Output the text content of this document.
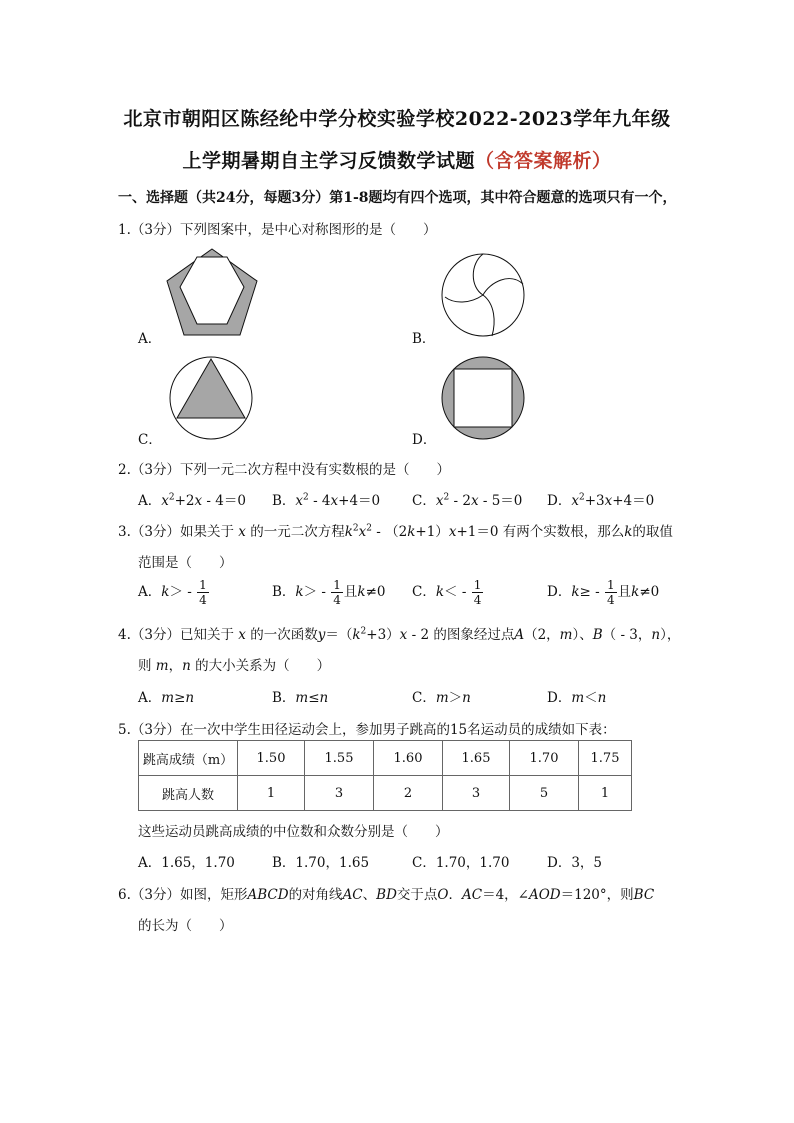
北京市朝阳区陈经纶中学分校实验学校2022-2023学年九年级
上学期暑期自主学习反馈数学试题（含答案解析）
一、选择题（共24分，每题3分）第1-8题均有四个选项，其中符合题意的选项只有一个，
1.（3分）下列图案中，是中心对称图形的是（　　）
A．	B．
C．	D．
2.（3分）下列一元二次方程中没有实数根的是（　　）
A．$x^2+2x - 4=0$ B．$x^2 - 4x+4=0$ C．$x^2 - 2x - 5=0$ D．$x^2+3x+4=0$
3.（3分）如果关于 x 的一元二次方程$k^2x^2 - (2k+1)x+1=0$ 有两个实数根，那么k的取值
范围是（　　）
A．$k> - \frac{1}{4}$	B．$k> - \frac{1}{4}$ 且k≠0 C．$k< - \frac{1}{4}$	D．$k\ge - \frac{1}{4}$ 且k≠0
4.（3分）已知关于 x 的一次函数$y=(k^2+3)x - 2$ 的图象经过点A（2，m）、B（ - 3，n），
则 m，n 的大小关系为（　　）
A．m≥n	B．m≤n	C．m＞n	D．m＜n
5.（3分）在一次中学生田径运动会上，参加男子跳高的15名运动员的成绩如下表：
跳高成绩（m）	1.50	1.55	1.60	1.65	1.70	1.75
跳高人数	1	3	2	3	5	1
这些运动员跳高成绩的中位数和众数分别是（　　）
A．1.65，1.70	B．1.70，1.65	C．1.70，1.70	D．3，5
6.（3分）如图，矩形ABCD的对角线AC、BD交于点O．AC＝4，∠AOD＝120°，则BC
的长为（　　）
